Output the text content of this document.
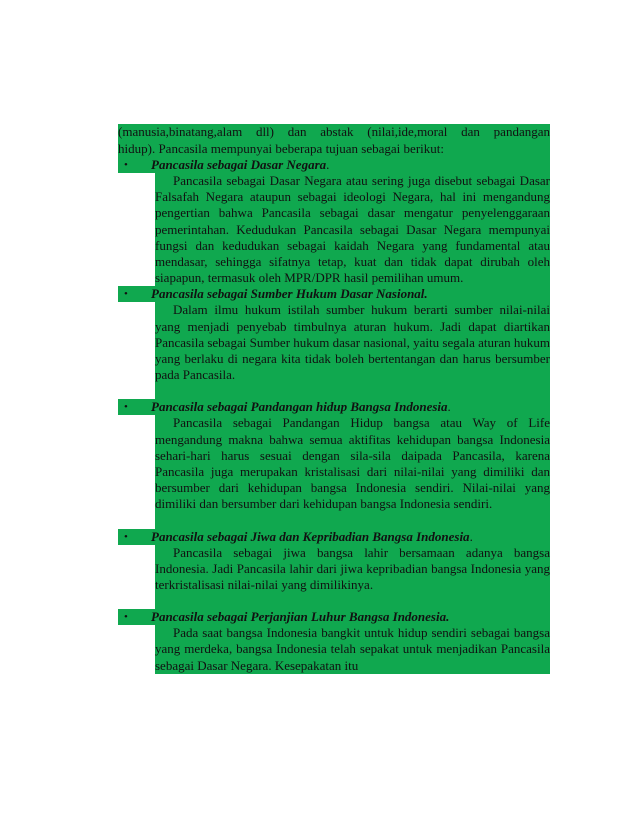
(manusia,binatang,alam dll) dan abstak (nilai,ide,moral dan pandangan
hidup). Pancasila mempunyai beberapa tujuan sebagai berikut:
•	Pancasila sebagai Dasar Negara.
Pancasila sebagai Dasar Negara atau sering juga disebut sebagai Dasar Falsafah Negara ataupun sebagai ideologi Negara, hal ini mengandung pengertian bahwa Pancasila sebagai dasar mengatur penyelenggaraan pemerintahan. Kedudukan Pancasila sebagai Dasar Negara mempunyai fungsi dan kedudukan sebagai kaidah Negara yang fundamental atau mendasar, sehingga sifatnya tetap, kuat dan tidak dapat dirubah oleh siapapun, termasuk oleh MPR/DPR hasil pemilihan umum.
•	Pancasila sebagai Sumber Hukum Dasar Nasional.
Dalam ilmu hukum istilah sumber hukum berarti sumber nilai-nilai yang menjadi penyebab timbulnya aturan hukum. Jadi dapat diartikan Pancasila sebagai Sumber hukum dasar nasional, yaitu segala aturan hukum yang berlaku di negara kita tidak boleh bertentangan dan harus bersumber pada Pancasila.
•	Pancasila sebagai Pandangan hidup Bangsa Indonesia.
Pancasila sebagai Pandangan Hidup bangsa atau Way of Life mengandung makna bahwa semua aktifitas kehidupan bangsa Indonesia sehari-hari harus sesuai dengan sila-sila daipada Pancasila, karena Pancasila juga merupakan kristalisasi dari nilai-nilai yang dimiliki dan bersumber dari kehidupan bangsa Indonesia sendiri. Nilai-nilai yang dimiliki dan bersumber dari kehidupan bangsa Indonesia sendiri.
•	Pancasila sebagai Jiwa dan Kepribadian Bangsa Indonesia.
Pancasila sebagai jiwa bangsa lahir bersamaan adanya bangsa Indonesia. Jadi Pancasila lahir dari jiwa kepribadian bangsa Indonesia yang terkristalisasi nilai-nilai yang dimilikinya.
•	Pancasila sebagai Perjanjian Luhur Bangsa Indonesia.
Pada saat bangsa Indonesia bangkit untuk hidup sendiri sebagai bangsa yang merdeka, bangsa Indonesia telah sepakat untuk menjadikan Pancasila sebagai Dasar Negara. Kesepakatan itu
